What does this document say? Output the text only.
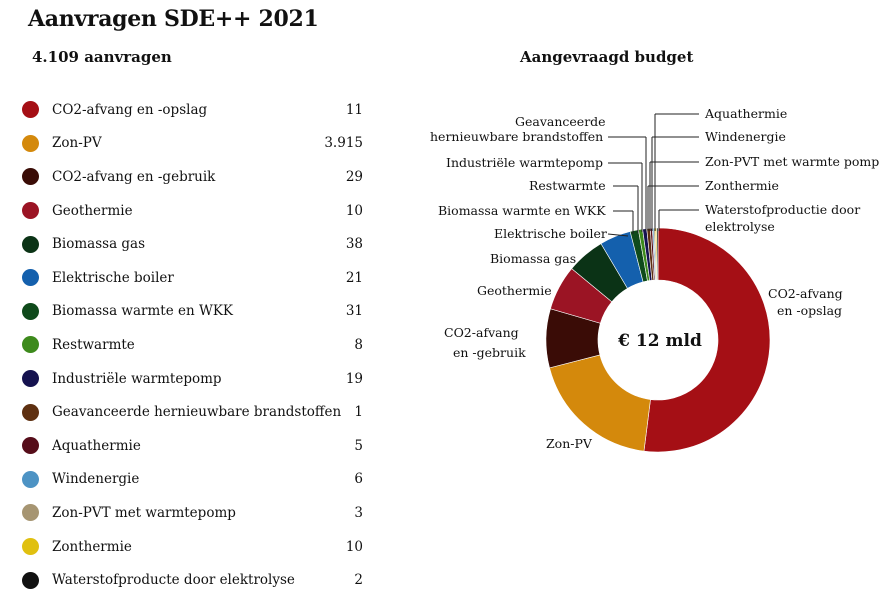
Aanvragen SDE++ 2021
4.109 aanvragen
CO2-afvang en -opslag	11
Zon-PV	3.915
CO2-afvang en -gebruik	29
Geothermie	10
Biomassa gas	38
Elektrische boiler	21
Biomassa warmte en WKK	31
Restwarmte	8
Industriële warmtepomp	19
Geavanceerde hernieuwbare brandstoffen 1
Aquathermie	5
Windenergie	6
Zon-PVT met warmtepomp	3
Zonthermie	10
Waterstofproducte door elektrolyse	2
Aangevraagd budget
€ 12 mld
CO2-afvang
en -opslag
Zon-PV
CO2-afvang
en -gebruik
Geothermie
Biomassa gas
Elektrische boiler
Biomassa warmte en WKK
Restwarmte
Industriële warmtepomp
Geavanceerde
hernieuwbare brandstoffen
Aquathermie
Windenergie
Zon-PVT met warmte pomp
Zonthermie
Waterstofproductie door
elektrolyse
